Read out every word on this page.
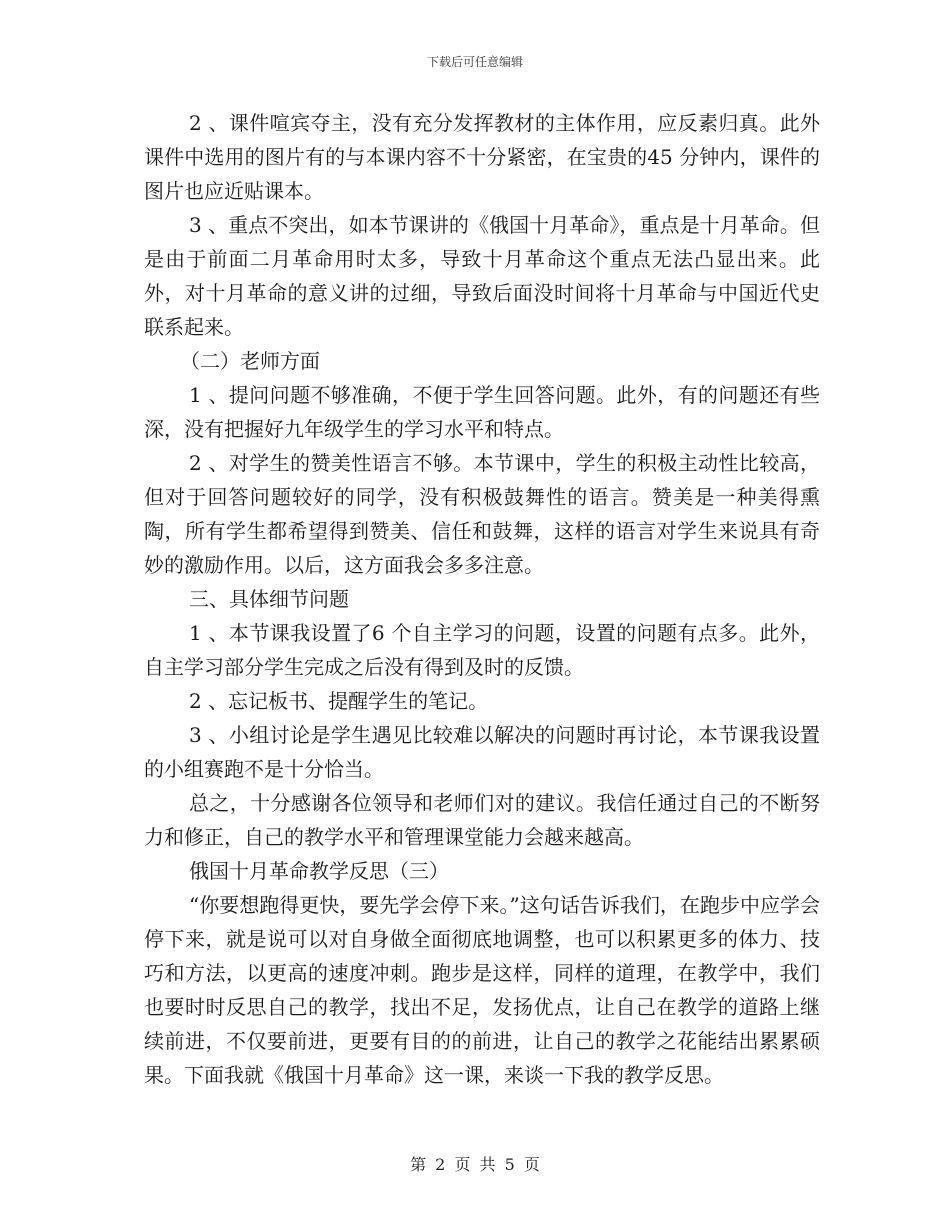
下载后可任意编辑

2 、课件喧宾夺主，没有充分发挥教材的主体作用，应反素归真。此外课件中选用的图片有的与本课内容不十分紧密，在宝贵的45 分钟内，课件的图片也应近贴课本。

3 、重点不突出，如本节课讲的《俄国十月革命》，重点是十月革命。但是由于前面二月革命用时太多，导致十月革命这个重点无法凸显出来。此外，对十月革命的意义讲的过细，导致后面没时间将十月革命与中国近代史联系起来。

（二）老师方面

1 、提问问题不够准确，不便于学生回答问题。此外，有的问题还有些深，没有把握好九年级学生的学习水平和特点。

2 、对学生的赞美性语言不够。本节课中，学生的积极主动性比较高，但对于回答问题较好的同学，没有积极鼓舞性的语言。赞美是一种美得熏陶，所有学生都希望得到赞美、信任和鼓舞，这样的语言对学生来说具有奇妙的激励作用。以后，这方面我会多多注意。

三、具体细节问题

1 、本节课我设置了6 个自主学习的问题，设置的问题有点多。此外，自主学习部分学生完成之后没有得到及时的反馈。

2 、忘记板书、提醒学生的笔记。

3 、小组讨论是学生遇见比较难以解决的问题时再讨论，本节课我设置的小组赛跑不是十分恰当。

总之，十分感谢各位领导和老师们对的建议。我信任通过自己的不断努力和修正，自己的教学水平和管理课堂能力会越来越高。

俄国十月革命教学反思（三）

“你要想跑得更快，要先学会停下来。”这句话告诉我们，在跑步中应学会停下来，就是说可以对自身做全面彻底地调整，也可以积累更多的体力、技巧和方法，以更高的速度冲刺。跑步是这样，同样的道理，在教学中，我们也要时时反思自己的教学，找出不足，发扬优点，让自己在教学的道路上继续前进，不仅要前进，更要有目的的前进，让自己的教学之花能结出累累硕果。下面我就《俄国十月革命》这一课，来谈一下我的教学反思。

第 2 页 共 5 页
